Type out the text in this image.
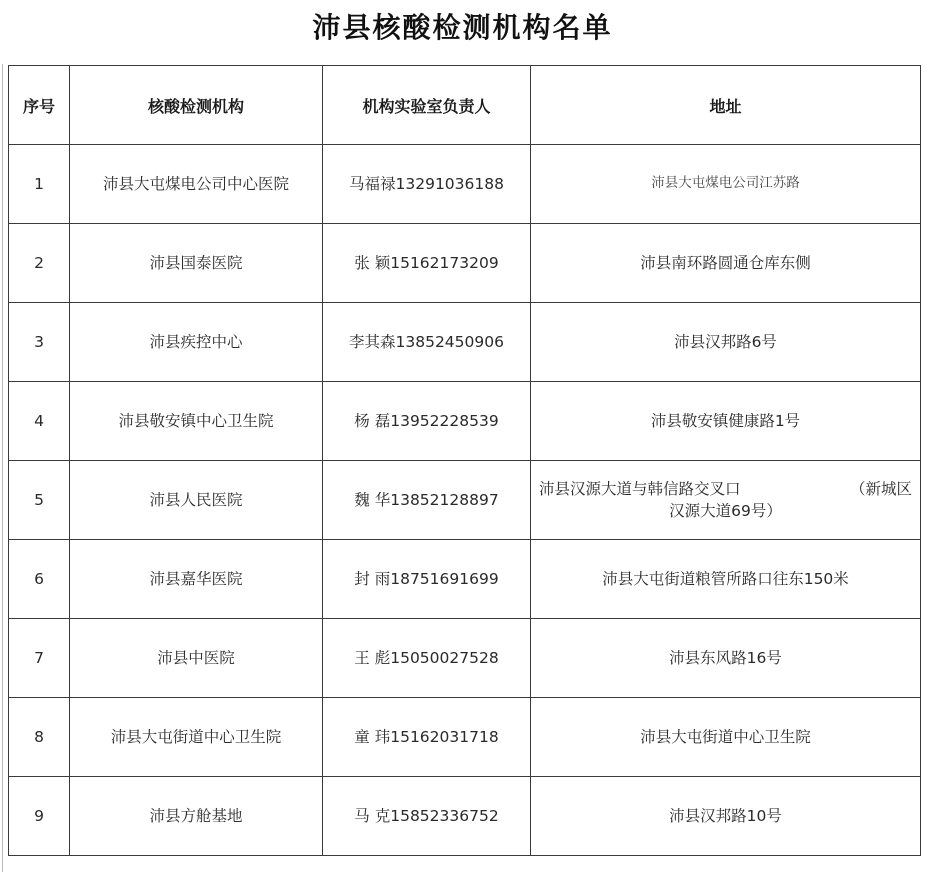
沛县核酸检测机构名单
序号	核酸检测机构	机构实验室负责人	地址
1	沛县大屯煤电公司中心医院	马福禄13291036188	沛县大屯煤电公司江苏路
2	沛县国泰医院	张 颖15162173209	沛县南环路圆通仓库东侧
3	沛县疾控中心	李其森13852450906	沛县汉邦路6号
4	沛县敬安镇中心卫生院	杨 磊13952228539	沛县敬安镇健康路1号
5	沛县人民医院	魏 华13852128897	沛县汉源大道与韩信路交叉口 （新城区
汉源大道69号）

6	沛县嘉华医院	封 雨18751691699	沛县大屯街道粮管所路口往东150米
7	沛县中医院	王 彪15050027528	沛县东风路16号
8	沛县大屯街道中心卫生院	童 玮15162031718	沛县大屯街道中心卫生院
9	沛县方舱基地	马 克15852336752	沛县汉邦路10号
